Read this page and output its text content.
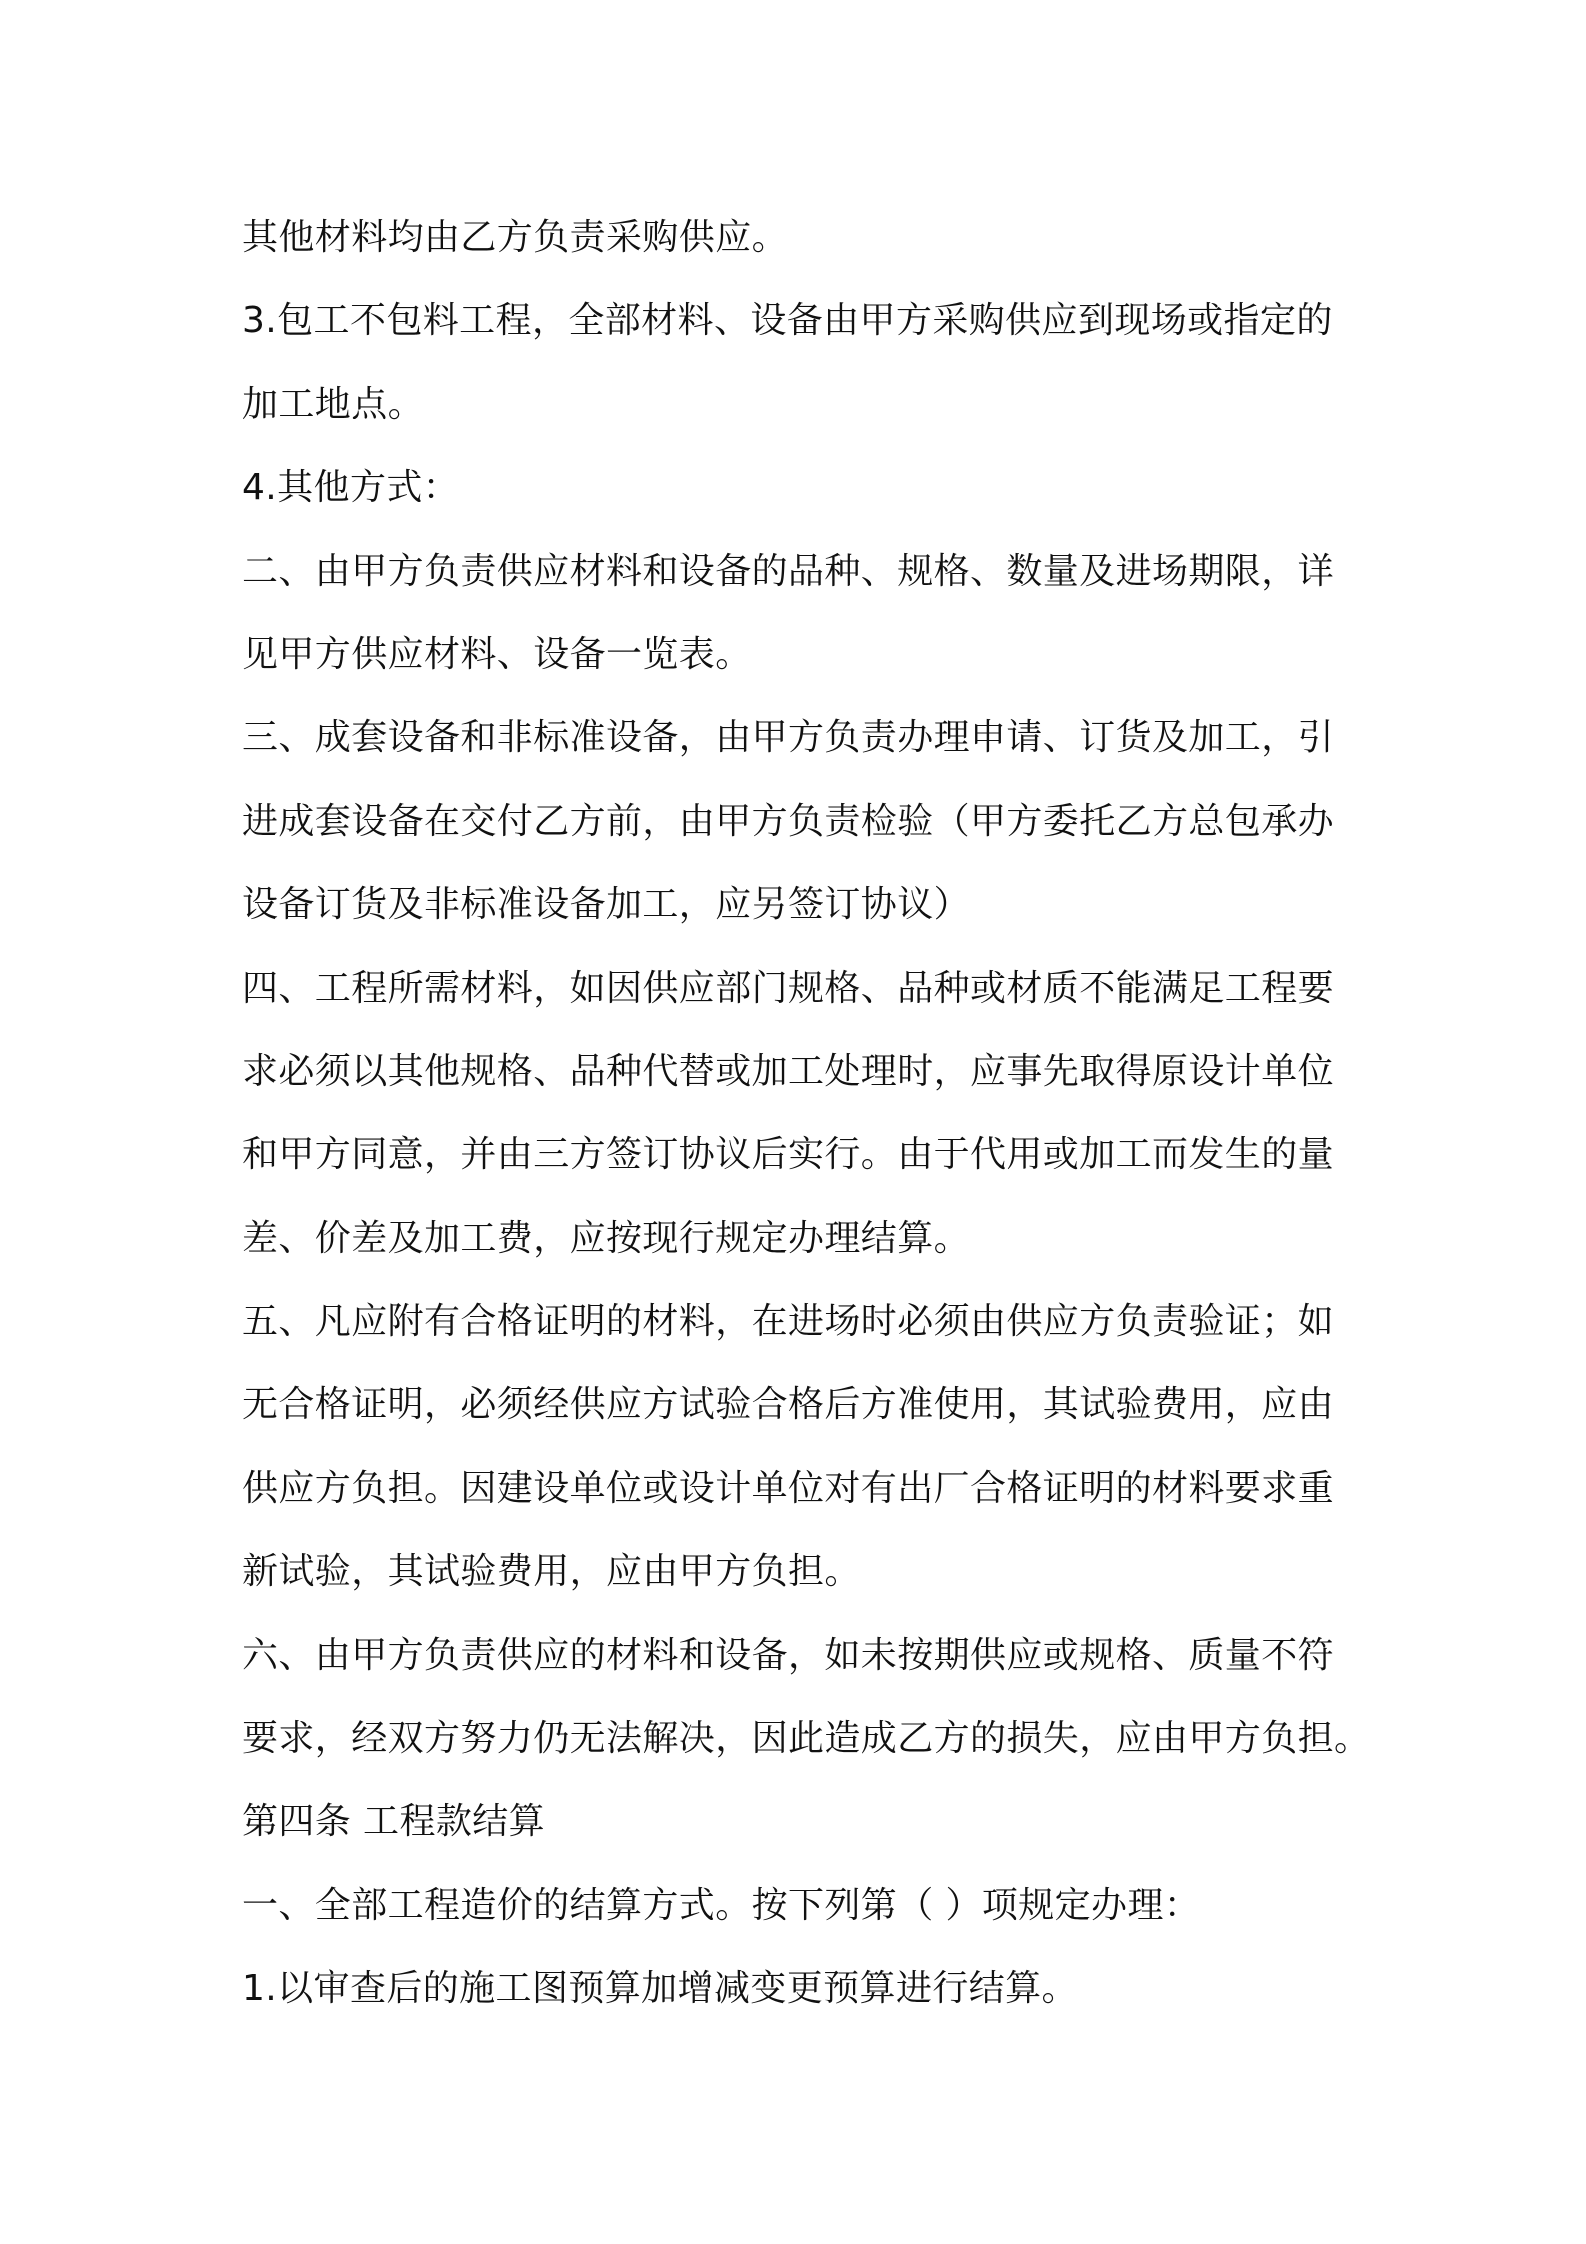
其他材料均由乙方负责采购供应。
3.包工不包料工程，全部材料、设备由甲方采购供应到现场或指定的
加工地点。
4.其他方式：
二、由甲方负责供应材料和设备的品种、规格、数量及进场期限，详
见甲方供应材料、设备一览表。
三、成套设备和非标准设备，由甲方负责办理申请、订货及加工，引
进成套设备在交付乙方前，由甲方负责检验（甲方委托乙方总包承办
设备订货及非标准设备加工，应另签订协议）
四、工程所需材料，如因供应部门规格、品种或材质不能满足工程要
求必须以其他规格、品种代替或加工处理时，应事先取得原设计单位
和甲方同意，并由三方签订协议后实行。由于代用或加工而发生的量
差、价差及加工费，应按现行规定办理结算。
五、凡应附有合格证明的材料，在进场时必须由供应方负责验证；如
无合格证明，必须经供应方试验合格后方准使用，其试验费用，应由
供应方负担。因建设单位或设计单位对有出厂合格证明的材料要求重
新试验，其试验费用，应由甲方负担。
六、由甲方负责供应的材料和设备，如未按期供应或规格、质量不符
要求，经双方努力仍无法解决，因此造成乙方的损失，应由甲方负担。
第四条 工程款结算
一、全部工程造价的结算方式。按下列第（ ）项规定办理：
1.以审查后的施工图预算加增减变更预算进行结算。
